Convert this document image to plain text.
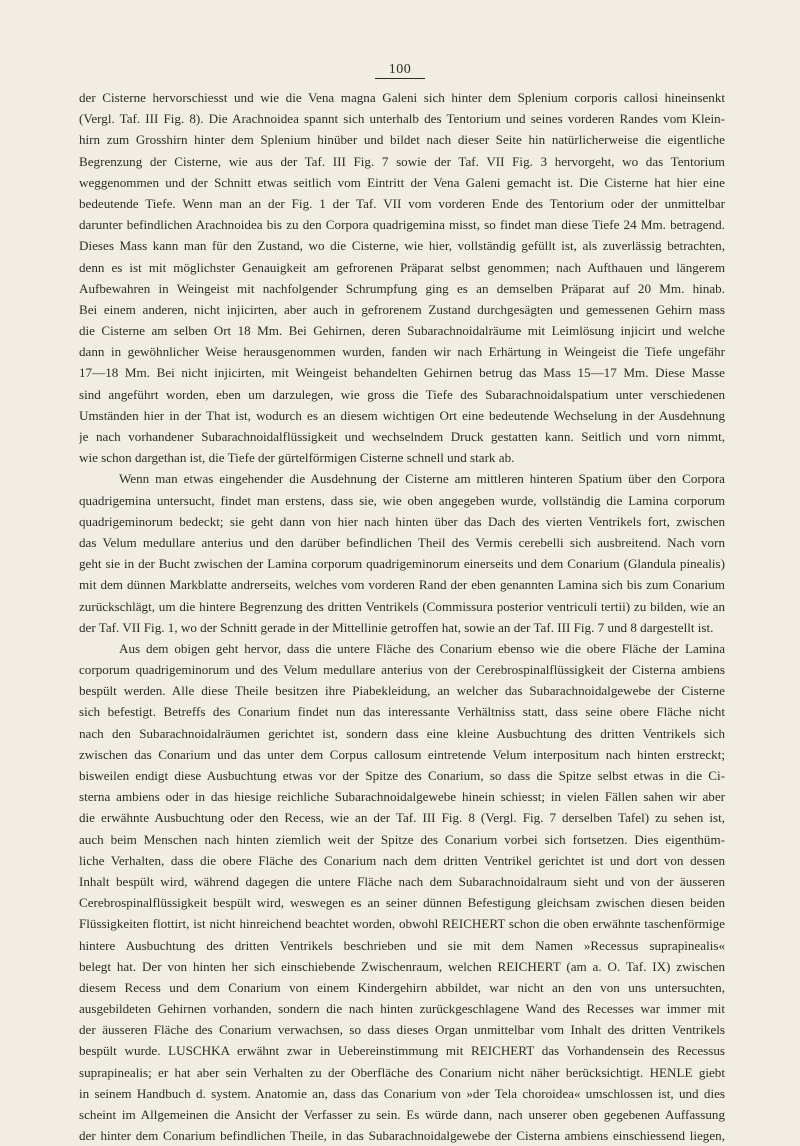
100
der Cisterne hervorschiesst und wie die Vena magna Galeni sich hinter dem Splenium corporis callosi hineinsenkt
(Vergl. Taf. III Fig. 8). Die Arachnoidea spannt sich unterhalb des Tentorium und seines vorderen Randes vom Klein-
hirn zum Grosshirn hinter dem Splenium hinüber und bildet nach dieser Seite hin natürlicherweise die eigentliche
Begrenzung der Cisterne, wie aus der Taf. III Fig. 7 sowie der Taf. VII Fig. 3 hervorgeht, wo das Tentorium
weggenommen und der Schnitt etwas seitlich vom Eintritt der Vena Galeni gemacht ist. Die Cisterne hat hier eine
bedeutende Tiefe. Wenn man an der Fig. 1 der Taf. VII vom vorderen Ende des Tentorium oder der unmittelbar
darunter befindlichen Arachnoidea bis zu den Corpora quadrigemina misst, so findet man diese Tiefe 24 Mm. betragend.
Dieses Mass kann man für den Zustand, wo die Cisterne, wie hier, vollständig gefüllt ist, als zuverlässig betrachten,
denn es ist mit möglichster Genauigkeit am gefrorenen Präparat selbst genommen; nach Aufthauen und längerem
Aufbewahren in Weingeist mit nachfolgender Schrumpfung ging es an demselben Präparat auf 20 Mm. hinab.
Bei einem anderen, nicht injicirten, aber auch in gefrorenem Zustand durchgesägten und gemessenen Gehirn mass
die Cisterne am selben Ort 18 Mm. Bei Gehirnen, deren Subarachnoidalräume mit Leimlösung injicirt und welche
dann in gewöhnlicher Weise herausgenommen wurden, fanden wir nach Erhärtung in Weingeist die Tiefe ungefähr
17—18 Mm. Bei nicht injicirten, mit Weingeist behandelten Gehirnen betrug das Mass 15—17 Mm. Diese Masse
sind angeführt worden, eben um darzulegen, wie gross die Tiefe des Subarachnoidalspatium unter verschiedenen
Umständen hier in der That ist, wodurch es an diesem wichtigen Ort eine bedeutende Wechselung in der Ausdehnung
je nach vorhandener Subarachnoidalflüssigkeit und wechselndem Druck gestatten kann. Seitlich und vorn nimmt,
wie schon dargethan ist, die Tiefe der gürtelförmigen Cisterne schnell und stark ab.
Wenn man etwas eingehender die Ausdehnung der Cisterne am mittleren hinteren Spatium über den Corpora
quadrigemina untersucht, findet man erstens, dass sie, wie oben angegeben wurde, vollständig die Lamina corporum
quadrigeminorum bedeckt; sie geht dann von hier nach hinten über das Dach des vierten Ventrikels fort, zwischen
das Velum medullare anterius und den darüber befindlichen Theil des Vermis cerebelli sich ausbreitend. Nach vorn
geht sie in der Bucht zwischen der Lamina corporum quadrigeminorum einerseits und dem Conarium (Glandula pinealis)
mit dem dünnen Markblatte andrerseits, welches vom vorderen Rand der eben genannten Lamina sich bis zum Conarium
zurückschlägt, um die hintere Begrenzung des dritten Ventrikels (Commissura posterior ventriculi tertii) zu bilden, wie an
der Taf. VII Fig. 1, wo der Schnitt gerade in der Mittellinie getroffen hat, sowie an der Taf. III Fig. 7 und 8 dargestellt ist.
Aus dem obigen geht hervor, dass die untere Fläche des Conarium ebenso wie die obere Fläche der Lamina
corporum quadrigeminorum und des Velum medullare anterius von der Cerebrospinalflüssigkeit der Cisterna ambiens
bespült werden. Alle diese Theile besitzen ihre Piabekleidung, an welcher das Subarachnoidalgewebe der Cisterne
sich befestigt. Betreffs des Conarium findet nun das interessante Verhältniss statt, dass seine obere Fläche nicht
nach den Subarachnoidalräumen gerichtet ist, sondern dass eine kleine Ausbuchtung des dritten Ventrikels sich
zwischen das Conarium und das unter dem Corpus callosum eintretende Velum interpositum nach hinten erstreckt;
bisweilen endigt diese Ausbuchtung etwas vor der Spitze des Conarium, so dass die Spitze selbst etwas in die Ci-
sterna ambiens oder in das hiesige reichliche Subarachnoidalgewebe hinein schiesst; in vielen Fällen sahen wir aber
die erwähnte Ausbuchtung oder den Recess, wie an der Taf. III Fig. 8 (Vergl. Fig. 7 derselben Tafel) zu sehen ist,
auch beim Menschen nach hinten ziemlich weit der Spitze des Conarium vorbei sich fortsetzen. Dies eigenthüm-
liche Verhalten, dass die obere Fläche des Conarium nach dem dritten Ventrikel gerichtet ist und dort von dessen
Inhalt bespült wird, während dagegen die untere Fläche nach dem Subarachnoidalraum sieht und von der äusseren
Cerebrospinalflüssigkeit bespült wird, weswegen es an seiner dünnen Befestigung gleichsam zwischen diesen beiden
Flüssigkeiten flottirt, ist nicht hinreichend beachtet worden, obwohl REICHERT schon die oben erwähnte taschenförmige
hintere Ausbuchtung des dritten Ventrikels beschrieben und sie mit dem Namen »Recessus suprapinealis«
belegt hat. Der von hinten her sich einschiebende Zwischenraum, welchen REICHERT (am a. O. Taf. IX) zwischen
diesem Recess und dem Conarium von einem Kindergehirn abbildet, war nicht an den von uns untersuchten,
ausgebildeten Gehirnen vorhanden, sondern die nach hinten zurückgeschlagene Wand des Recesses war immer mit
der äusseren Fläche des Conarium verwachsen, so dass dieses Organ unmittelbar vom Inhalt des dritten Ventrikels
bespült wurde. LUSCHKA erwähnt zwar in Uebereinstimmung mit REICHERT das Vorhandensein des Recessus
suprapinealis; er hat aber sein Verhalten zu der Oberfläche des Conarium nicht näher berücksichtigt. HENLE giebt
in seinem Handbuch d. system. Anatomie an, dass das Conarium von »der Tela choroidea« umschlossen ist, und dies
scheint im Allgemeinen die Ansicht der Verfasser zu sein. Es würde dann, nach unserer oben gegebenen Auffassung
der hinter dem Conarium befindlichen Theile, in das Subarachnoidalgewebe der Cisterna ambiens einschiessend liegen,
